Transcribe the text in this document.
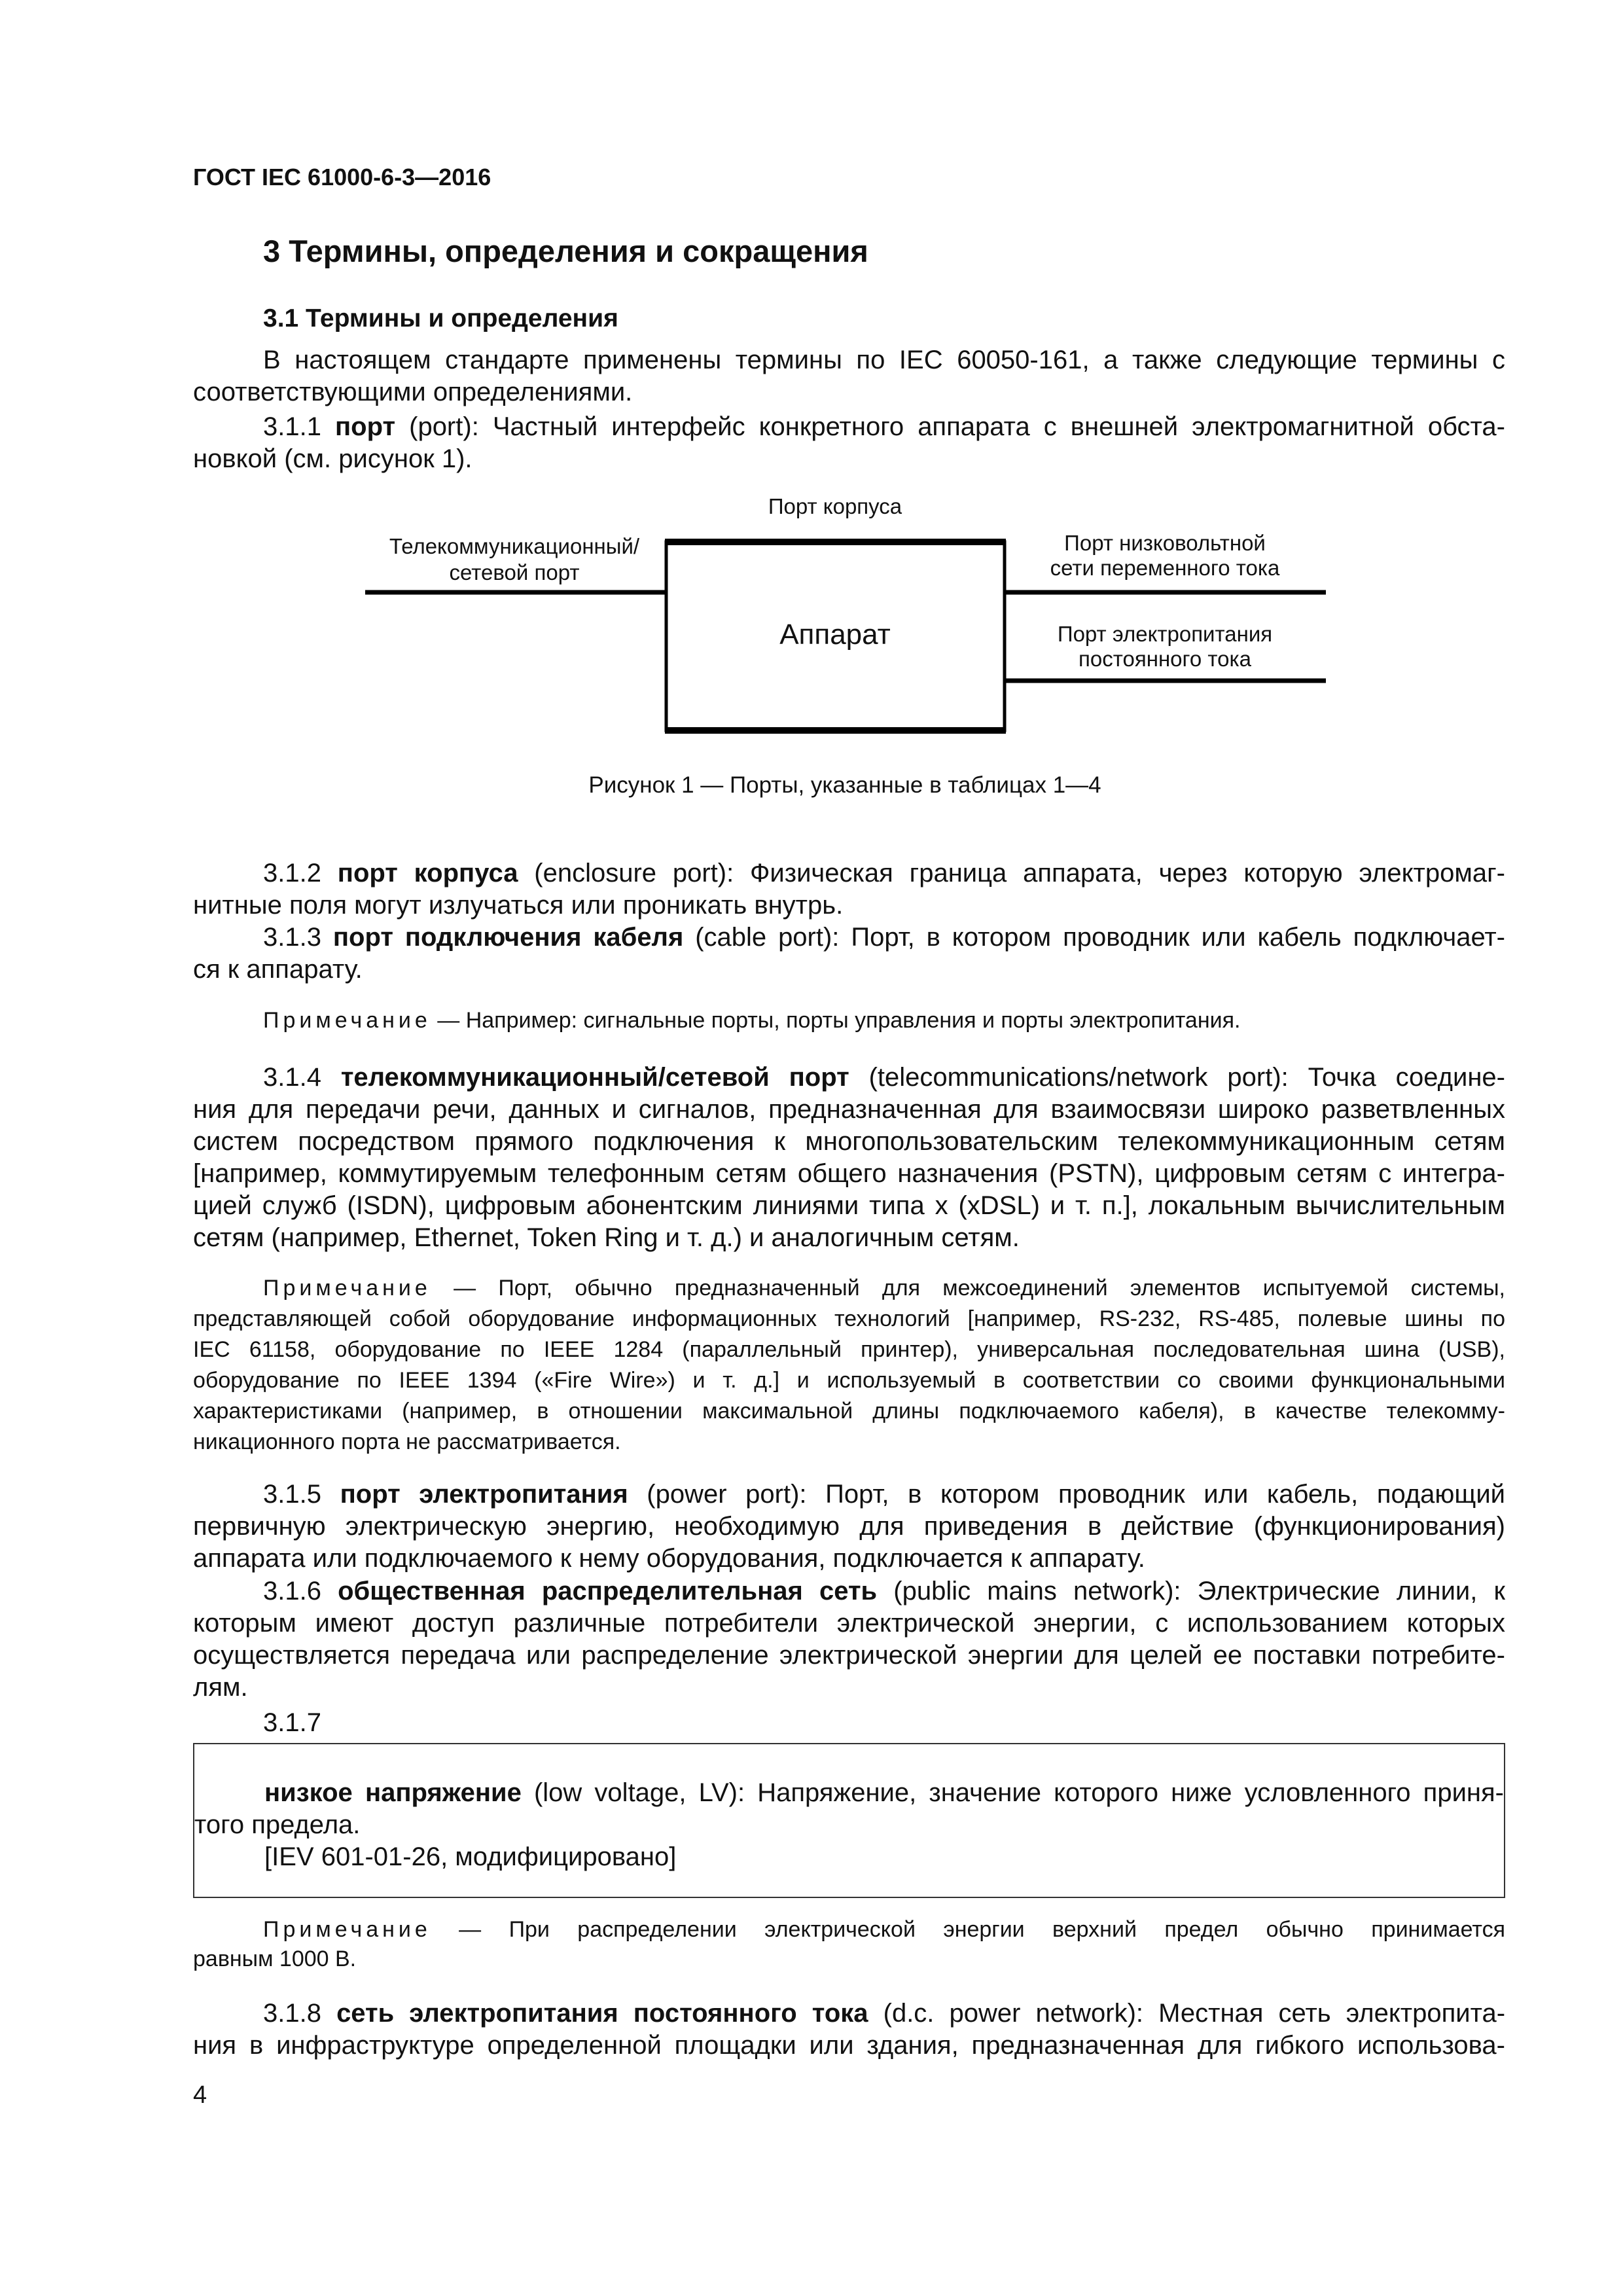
ГОСТ IEC 61000-6-3—2016
3 Термины, определения и сокращения
3.1 Термины и определения
В настоящем стандарте применены термины по IEC 60050-161, а также следующие термины с
соответствующими определениями.
3.1.1 порт (port): Частный интерфейс конкретного аппарата с внешней электромагнитной обста-
новкой (см. рисунок 1).
Порт корпуса
Телекоммуникационный/
сетевой порт
Аппарат
Порт низковольтной
сети переменного тока
Порт электропитания
постоянного тока
Рисунок 1 — Порты, указанные в таблицах 1—4
3.1.2 порт корпуса (enclosure port): Физическая граница аппарата, через которую электромаг-
нитные поля могут излучаться или проникать внутрь.
3.1.3 порт подключения кабеля (cable port): Порт, в котором проводник или кабель подключает-
ся к аппарату.
Примечание — Например: сигнальные порты, порты управления и порты электропитания.
3.1.4 телекоммуникационный/сетевой порт (telecommunications/network port): Точка соедине-
ния для передачи речи, данных и сигналов, предназначенная для взаимосвязи широко разветвленных
систем посредством прямого подключения к многопользовательским телекоммуникационным сетям
[например, коммутируемым телефонным сетям общего назначения (PSTN), цифровым сетям с интегра-
цией служб (ISDN), цифровым абонентским линиями типа x (xDSL) и т. п.], локальным вычислительным
сетям (например, Ethernet, Token Ring и т. д.) и аналогичным сетям.
Примечание — Порт, обычно предназначенный для межсоединений элементов испытуемой системы,
представляющей собой оборудование информационных технологий [например, RS-232, RS-485, полевые шины по
IEC 61158, оборудование по IEEE 1284 (параллельный принтер), универсальная последовательная шина (USB),
оборудование по IEEE 1394 («Fire Wire») и т. д.] и используемый в соответствии со своими функциональными
характеристиками (например, в отношении максимальной длины подключаемого кабеля), в качестве телекомму-
никационного порта не рассматривается.
3.1.5 порт электропитания (power port): Порт, в котором проводник или кабель, подающий
первичную электрическую энергию, необходимую для приведения в действие (функционирования)
аппарата или подключаемого к нему оборудования, подключается к аппарату.
3.1.6 общественная распределительная сеть (public mains network): Электрические линии, к
которым имеют доступ различные потребители электрической энергии, с использованием которых
осуществляется передача или распределение электрической энергии для целей ее поставки потребите-
лям.
3.1.7
низкое напряжение (low voltage, LV): Напряжение, значение которого ниже условленного приня-
того предела.
[IEV 601-01-26, модифицировано]
Примечание — При распределении электрической энергии верхний предел обычно принимается
равным 1000 В.
3.1.8 сеть электропитания постоянного тока (d.c. power network): Местная сеть электропита-
ния в инфраструктуре определенной площадки или здания, предназначенная для гибкого использова-
4
